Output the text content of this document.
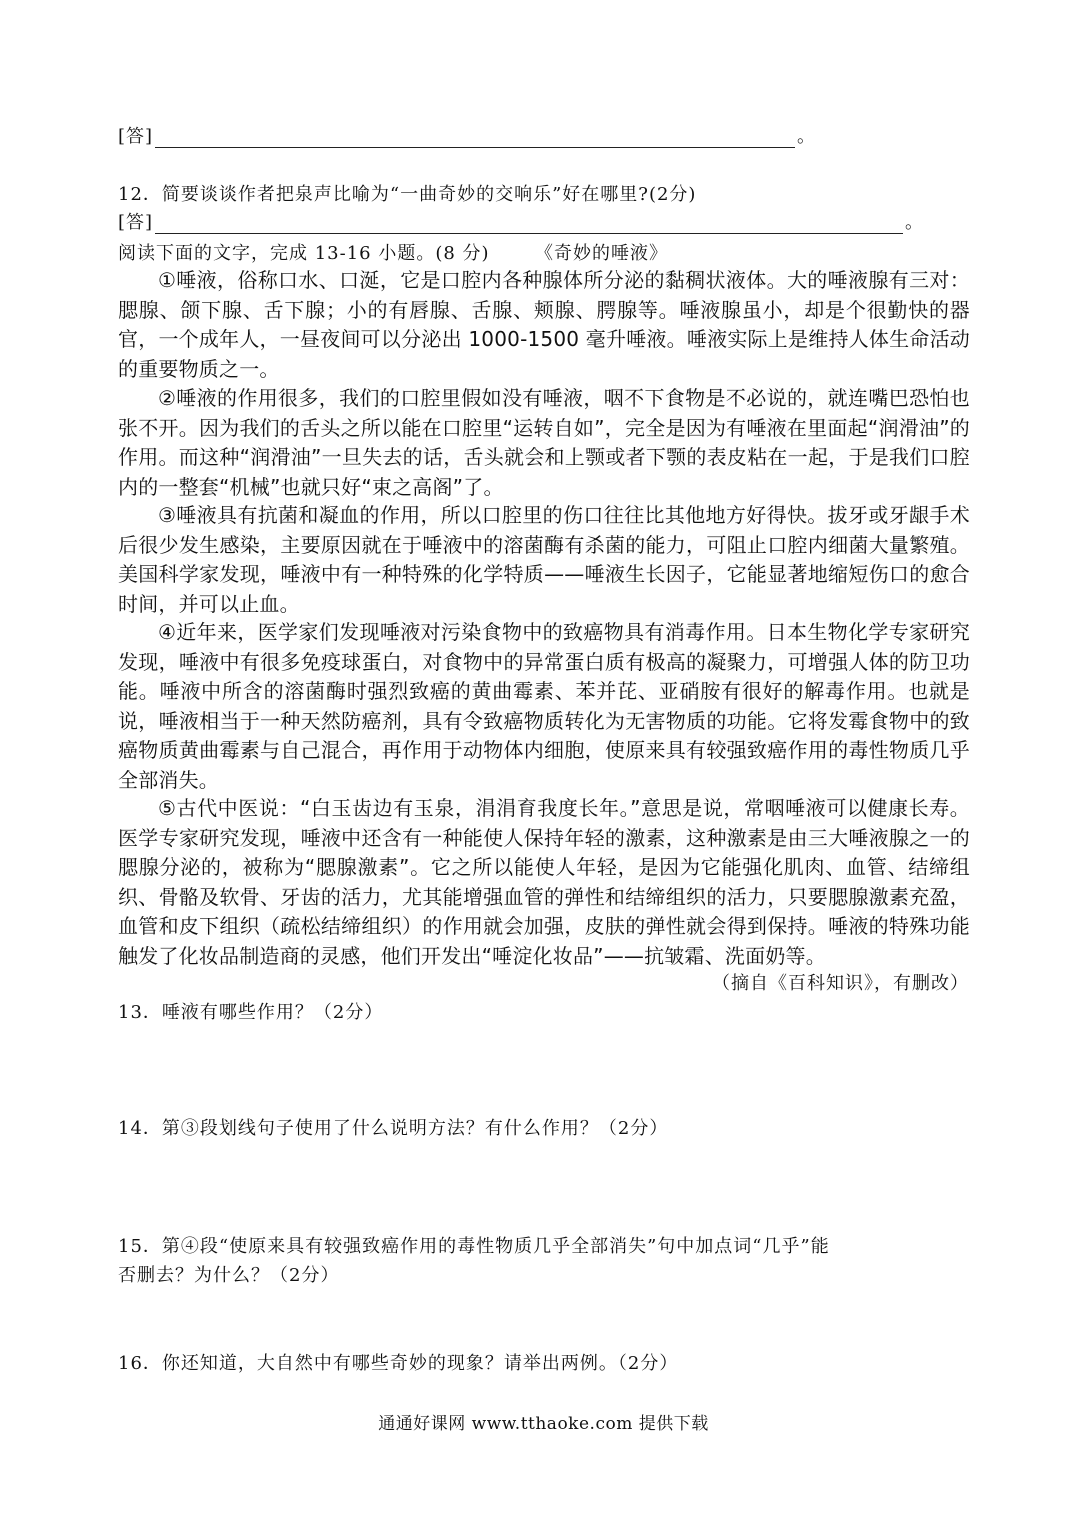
[答]	。
12．简要谈谈作者把泉声比喻为“一曲奇妙的交响乐”好在哪里?(2分)
[答]	。
阅读下面的文字，完成 13-16 小题。(8 分)	《奇妙的唾液》

①唾液，俗称口水、口涎，它是口腔内各种腺体所分泌的黏稠状液体。大的唾液腺有三对：腮腺、颌下腺、舌下腺；小的有唇腺、舌腺、颊腺、腭腺等。唾液腺虽小，却是个很勤快的器官，一个成年人，一昼夜间可以分泌出 1000-1500 毫升唾液。唾液实际上是维持人体生命活动的重要物质之一。

②唾液的作用很多，我们的口腔里假如没有唾液，咽不下食物是不必说的，就连嘴巴恐怕也张不开。因为我们的舌头之所以能在口腔里“运转自如”，完全是因为有唾液在里面起“润滑油”的作用。而这种“润滑油”一旦失去的话，舌头就会和上颚或者下颚的表皮粘在一起，于是我们口腔内的一整套“机械”也就只好“束之高阁”了。

③唾液具有抗菌和凝血的作用，所以口腔里的伤口往往比其他地方好得快。拔牙或牙龈手术后很少发生感染，主要原因就在于唾液中的溶菌酶有杀菌的能力，可阻止口腔内细菌大量繁殖。美国科学家发现，唾液中有一种特殊的化学特质——唾液生长因子，它能显著地缩短伤口的愈合时间，并可以止血。

④近年来，医学家们发现唾液对污染食物中的致癌物具有消毒作用。日本生物化学专家研究发现，唾液中有很多免疫球蛋白，对食物中的异常蛋白质有极高的凝聚力，可增强人体的防卫功能。唾液中所含的溶菌酶时强烈致癌的黄曲霉素、苯并芘、亚硝胺有很好的解毒作用。也就是说，唾液相当于一种天然防癌剂，具有令致癌物质转化为无害物质的功能。它将发霉食物中的致癌物质黄曲霉素与自己混合，再作用于动物体内细胞，使原来具有较强致癌作用的毒性物质几乎全部消失。

⑤古代中医说：“白玉齿边有玉泉，涓涓育我度长年。”意思是说，常咽唾液可以健康长寿。医学专家研究发现，唾液中还含有一种能使人保持年轻的激素，这种激素是由三大唾液腺之一的腮腺分泌的，被称为“腮腺激素”。它之所以能使人年轻，是因为它能强化肌肉、血管、结缔组织、骨骼及软骨、牙齿的活力，尤其能增强血管的弹性和结缔组织的活力，只要腮腺激素充盈，血管和皮下组织（疏松结缔组织）的作用就会加强，皮肤的弹性就会得到保持。唾液的特殊功能触发了化妆品制造商的灵感，他们开发出“唾淀化妆品”——抗皱霜、洗面奶等。

（摘自《百科知识》，有删改）
13．唾液有哪些作用？（2分）
14．第③段划线句子使用了什么说明方法？有什么作用？（2分）
15．第④段“使原来具有较强致癌作用的毒性物质几乎全部消失”句中加点词“几乎”能
否删去？为什么？（2分）
16．你还知道，大自然中有哪些奇妙的现象？请举出两例。（2分）
通通好课网 www.tthaoke.com 提供下载
